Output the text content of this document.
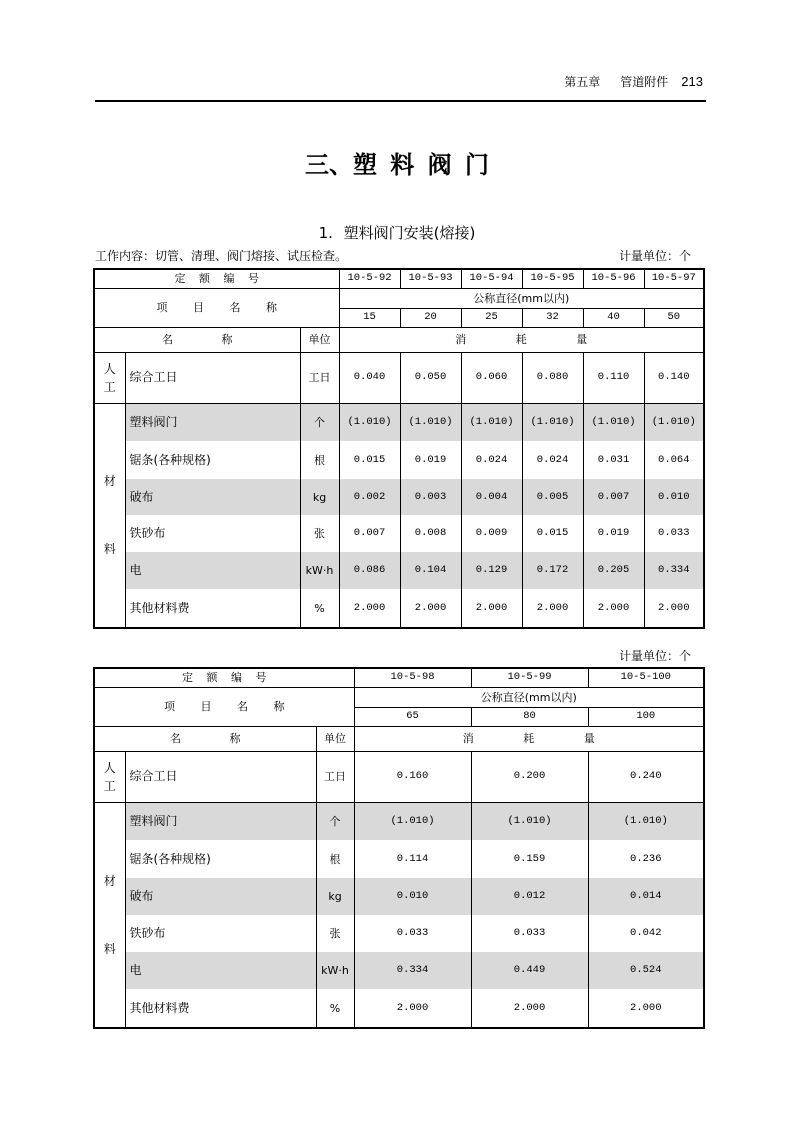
第五章 管道附件 213
三、塑 料 阀 门
1. 塑料阀门安装(熔接)
工作内容：切管、清理、阀门熔接、试压检查。	计量单位：个
定 额 编 号			10-5-92	10-5-93	10-5-94	10-5-95	10-5-96	10-5-97
项 目 名 称			公称直径(mm以内)					
			15	20	25	32	40	50
名 称		单位	消 耗 量					

人工	综合工日	工日	0.040	0.050	0.060	0.080	0.110	0.140

材料	塑料阀门	个	(1.010)	(1.010)	(1.010)	(1.010)	(1.010)	(1.010)
	锯条(各种规格)	根	0.015	0.019	0.024	0.024	0.031	0.064
	破布	kg	0.002	0.003	0.004	0.005	0.007	0.010
	铁砂布	张	0.007	0.008	0.009	0.015	0.019	0.033
	电	kW·h	0.086	0.104	0.129	0.172	0.205	0.334
	其他材料费	%	2.000	2.000	2.000	2.000	2.000	2.000
计量单位：个
定 额 编 号			10-5-98	10-5-99	10-5-100
项 目 名 称			公称直径(mm以内)		
			65	80	100
名 称		单位	消 耗 量		

人工	综合工日	工日	0.160	0.200	0.240

材料	塑料阀门	个	(1.010)	(1.010)	(1.010)
	锯条(各种规格)	根	0.114	0.159	0.236
	破布	kg	0.010	0.012	0.014
	铁砂布	张	0.033	0.033	0.042
	电	kW·h	0.334	0.449	0.524
	其他材料费	%	2.000	2.000	2.000
